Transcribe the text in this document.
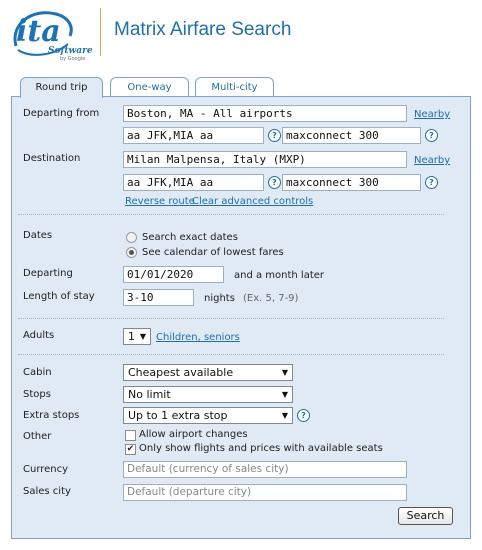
ita
Software
by Google
Matrix Airfare Search
Round trip	One-way	Multi-city
Departing from	Boston, MA - All airports	Nearby
aa JFK,MIA aa	? maxconnect 300	?
Destination	Milan Malpensa, Italy (MXP)	Nearby
aa JFK,MIA aa	? maxconnect 300	?
Reverse route
Clear advanced controls
Dates	Search exact dates
See calendar of lowest fares
Departing	01/01/2020	and a month later
Length of stay	3-10	nights (Ex. 5, 7-9)
Adults	1 ▼ Children, seniors
Cabin	Cheapest available	▼
Stops	No limit	▼
Extra stops	Up to 1 extra stop	▼	?
Other	Allow airport changes
✔ Only show flights and prices with available seats
Currency	Default (currency of sales city)
Sales city	Default (departure city)
Search
